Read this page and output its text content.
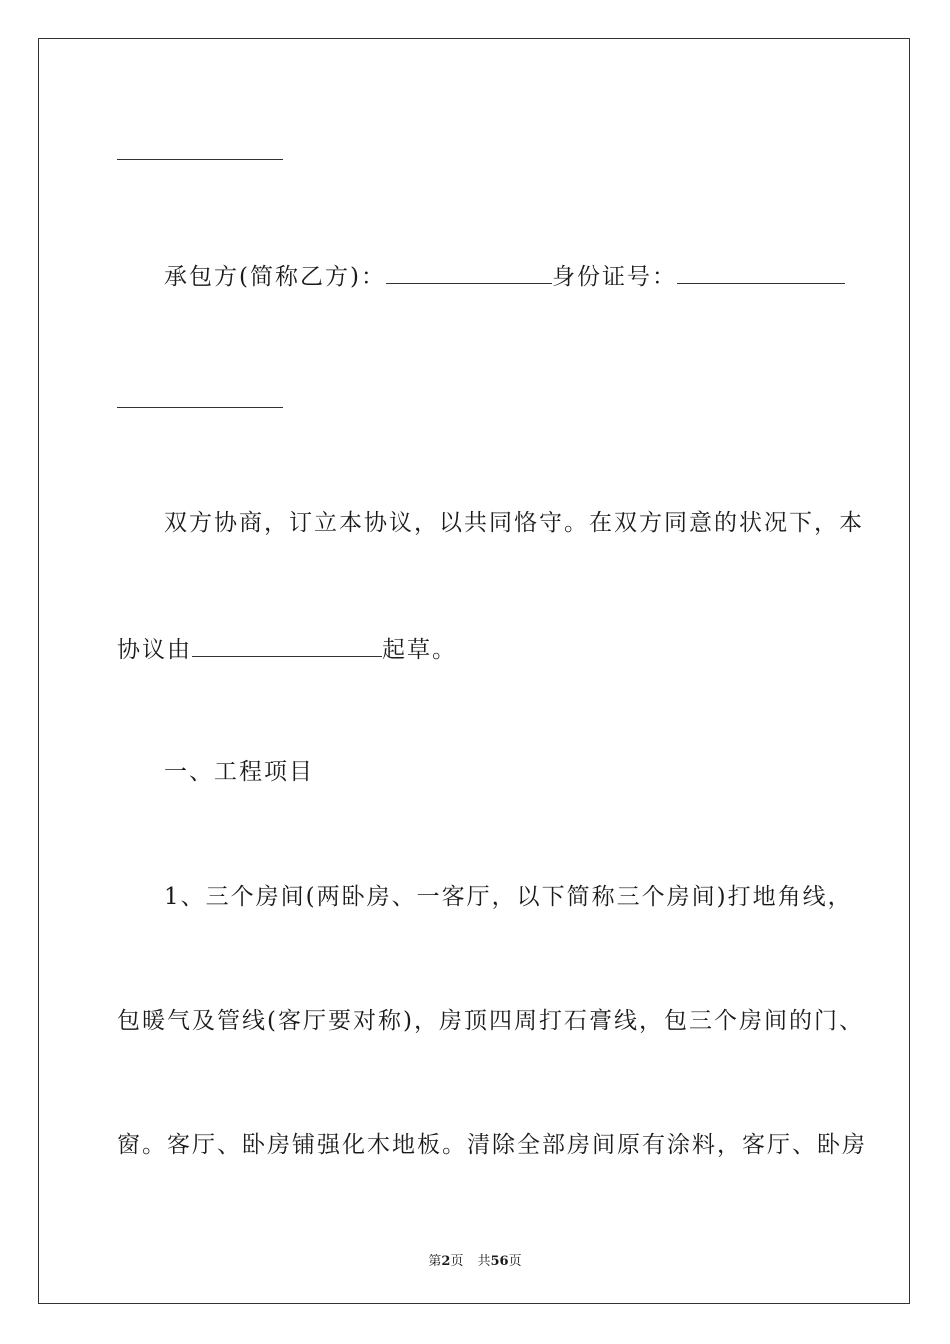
承包方(简称乙方)：	身份证号：
双方协商，订立本协议，以共同恪守。在双方同意的状况下，本
协议由	起草。
一、工程项目
1、三个房间(两卧房、一客厅，以下简称三个房间)打地角线，
包暖气及管线(客厅要对称)，房顶四周打石膏线，包三个房间的门、
窗。客厅、卧房铺强化木地板。清除全部房间原有涂料，客厅、卧房
第2页 共56页
